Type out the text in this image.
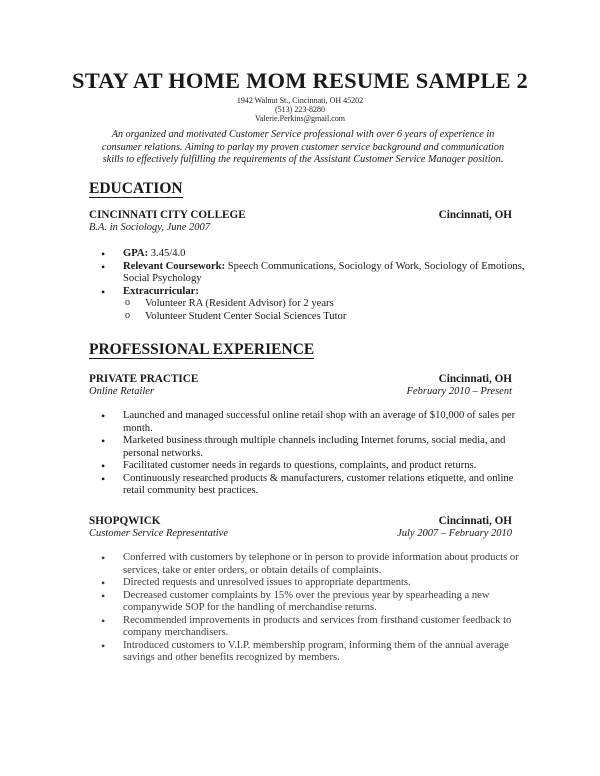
STAY AT HOME MOM RESUME SAMPLE 2
1942 Walnut St., Cincinnati, OH 45202
(513) 223-8280
Valerie.Perkins@gmail.com
An organized and motivated Customer Service professional with over 6 years of experience in consumer relations. Aiming to parlay my proven customer service background and communication skills to effectively fulfilling the requirements of the Assistant Customer Service Manager position.
EDUCATION
CINCINNATI CITY COLLEGE	Cincinnati, OH
B.A. in Sociology, June 2007
• GPA: 3.45/4.0
• Relevant Coursework: Speech Communications, Sociology of Work, Sociology of Emotions, Social Psychology
• Extracurricular:
o Volunteer RA (Resident Advisor) for 2 years
o Volunteer Student Center Social Sciences Tutor
PROFESSIONAL EXPERIENCE
PRIVATE PRACTICE	Cincinnati, OH
Online Retailer	February 2010 – Present
• Launched and managed successful online retail shop with an average of $10,000 of sales per month.
• Marketed business through multiple channels including Internet forums, social media, and personal networks.
• Facilitated customer needs in regards to questions, complaints, and product returns.
• Continuously researched products & manufacturers, customer relations etiquette, and online retail community best practices.
SHOPQWICK	Cincinnati, OH
Customer Service Representative	July 2007 – February 2010
• Conferred with customers by telephone or in person to provide information about products or services, take or enter orders, or obtain details of complaints.
• Directed requests and unresolved issues to appropriate departments.
• Decreased customer complaints by 15% over the previous year by spearheading a new companywide SOP for the handling of merchandise returns.
• Recommended improvements in products and services from firsthand customer feedback to company merchandisers.
• Introduced customers to V.I.P. membership program, informing them of the annual average savings and other benefits recognized by members.
